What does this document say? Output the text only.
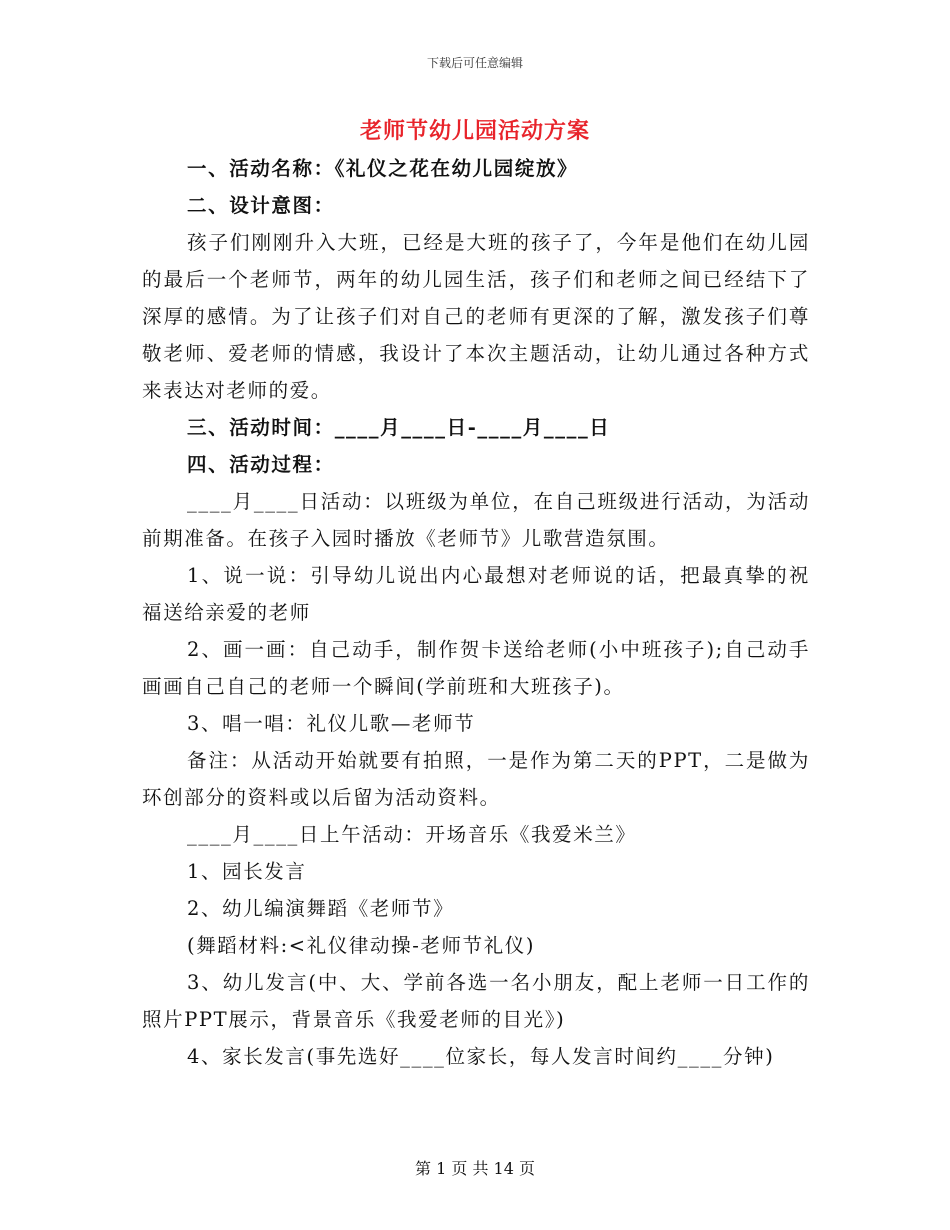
下载后可任意编辑
老师节幼儿园活动方案

一、活动名称：《礼仪之花在幼儿园绽放》

二、设计意图：

孩子们刚刚升入大班，已经是大班的孩子了，今年是他们在幼儿园的最后一个老师节，两年的幼儿园生活，孩子们和老师之间已经结下了深厚的感情。为了让孩子们对自己的老师有更深的了解，激发孩子们尊敬老师、爱老师的情感，我设计了本次主题活动，让幼儿通过各种方式来表达对老师的爱。

三、活动时间：____月____日-____月____日

四、活动过程：

____月____日活动：以班级为单位，在自己班级进行活动，为活动前期准备。在孩子入园时播放《老师节》儿歌营造氛围。

1、说一说：引导幼儿说出内心最想对老师说的话，把最真挚的祝福送给亲爱的老师

2、画一画：自己动手，制作贺卡送给老师(小中班孩子);自己动手画画自己自己的老师一个瞬间(学前班和大班孩子)。

3、唱一唱：礼仪儿歌—老师节

备注：从活动开始就要有拍照，一是作为第二天的PPT，二是做为环创部分的资料或以后留为活动资料。

____月____日上午活动：开场音乐《我爱米兰》

1、园长发言

2、幼儿编演舞蹈《老师节》

(舞蹈材料:<礼仪律动操-老师节礼仪)

3、幼儿发言(中、大、学前各选一名小朋友，配上老师一日工作的照片PPT展示，背景音乐《我爱老师的目光》)

4、家长发言(事先选好____位家长，每人发言时间约____分钟)

第 1 页 共 14 页
